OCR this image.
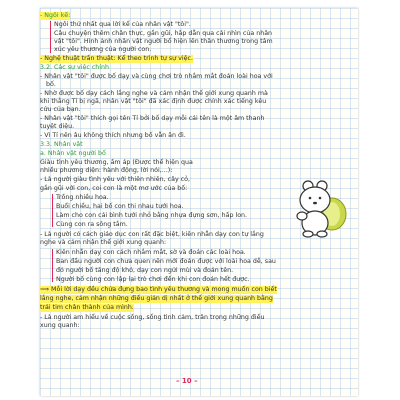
- Ngôi kể:
Ngôi thứ nhất qua lời kể của nhân vật "tôi".
Câu chuyện thêm chân thực, gần gũi, hấp dẫn qua cái nhìn của nhân
vật "tôi". Hình ảnh nhân vật người bố hiện lên thân thương trong tâm
xúc yêu thương của người con.
- Nghệ thuật trần thuật: Kể theo trình tự sự việc.
3.2. Các sự việc chính
- Nhân vật "tôi" được bố dạy và cùng chơi trò nhắm mắt đoán loài hoa với
bố.
- Nhờ được bố dạy cách lắng nghe và cảm nhận thế giới xung quanh mà
khi thằng Tí bị ngã, nhân vật "tôi" đã xác định được chính xác tiếng kêu
cứu của bạn.
- Nhân vật "tôi" thích gọi tên Tí bởi bố dạy mỗi cái tên là một âm thanh
tuyệt diệu.
- Vì Tí nên âu không thích nhưng bố vẫn ăn đi.
3.3. Nhân vật
a. Nhân vật người bố
Giàu tình yêu thương, ấm áp (Được thể hiện qua
nhiều phương diện: hành động, lời nói,...):
- Là người giàu tình yêu với thiên nhiên, cây cỏ,
gắn gũi với con, coi con là một mơ ước của bố:
Trồng nhiều hoa.
Buổi chiều, hai bố con thi nhau tưới hoa.
Làm cho con cái bình tưới nhỏ bằng nhựa đựng sơn, hấp lon.
Cùng con ra sông tắm.
- Là người có cách giáo dục con rất đặc biệt, kiên nhẫn dạy con tự lắng
nghe và cảm nhận thế giới xung quanh:
Kiên nhẫn dạy con cách nhắm mắt, sờ và đoán các loài hoa.
Ban đầu người con chưa quen nên mới đoán được với loài hoa dễ, sau
đó người bố tăng độ khó, dạy con ngửi mùi và đoán tên.
Người bố cùng con lập lại trò chơi đến khi con đoán hết được.
⟹ Mỗi lời dạy đều chứa đựng bao tình yêu thương và mong muốn con biết
lắng nghe, cảm nhận những điều giản dị nhất ở thế giới xung quanh bằng
trái tim chân thành của mình.
- Là người am hiểu về cuộc sống, sống tình cảm, trân trọng những điều
xung quanh:
– 10 –
